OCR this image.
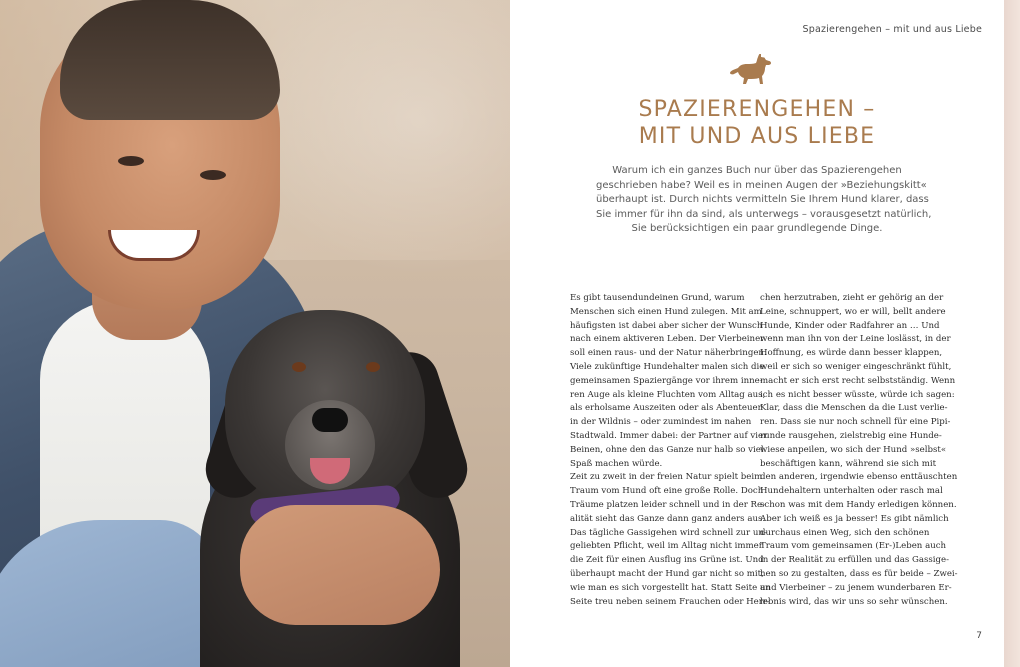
Spazierengehen – mit und aus Liebe
SPAZIERENGEHEN –
MIT UND AUS LIEBE
Warum ich ein ganzes Buch nur über das Spazierengehen
geschrieben habe? Weil es in meinen Augen der »Beziehungskitt«
überhaupt ist. Durch nichts vermitteln Sie Ihrem Hund klarer, dass
Sie immer für ihn da sind, als unterwegs – vorausgesetzt natürlich,
Sie berücksichtigen ein paar grundlegende Dinge.
Es gibt tausendundeinen Grund, warum
Menschen sich einen Hund zulegen. Mit am
häufigsten ist dabei aber sicher der Wunsch
nach einem aktiveren Leben. Der Vierbeiner
soll einen raus- und der Natur näherbringen.
Viele zukünftige Hundehalter malen sich die
gemeinsamen Spaziergänge vor ihrem inne-
ren Auge als kleine Fluchten vom Alltag aus,
als erholsame Auszeiten oder als Abenteuer
in der Wildnis – oder zumindest im nahen
Stadtwald. Immer dabei: der Partner auf vier
Beinen, ohne den das Ganze nur halb so viel
Spaß machen würde.
Zeit zu zweit in der freien Natur spielt beim
Traum vom Hund oft eine große Rolle. Doch
Träume platzen leider schnell und in der Re-
alität sieht das Ganze dann ganz anders aus.
Das tägliche Gassigehen wird schnell zur un-
geliebten Pflicht, weil im Alltag nicht immer
die Zeit für einen Ausflug ins Grüne ist. Und
überhaupt macht der Hund gar nicht so mit,
wie man es sich vorgestellt hat. Statt Seite an
Seite treu neben seinem Frauchen oder Herr-
chen herzutraben, zieht er gehörig an der
Leine, schnuppert, wo er will, bellt andere
Hunde, Kinder oder Radfahrer an … Und
wenn man ihn von der Leine loslässt, in der
Hoffnung, es würde dann besser klappen,
weil er sich so weniger eingeschränkt fühlt,
macht er sich erst recht selbstständig. Wenn
ich es nicht besser wüsste, würde ich sagen:
Klar, dass die Menschen da die Lust verlie-
ren. Dass sie nur noch schnell für eine Pipi-
runde rausgehen, zielstrebig eine Hunde-
wiese anpeilen, wo sich der Hund »selbst«
beschäftigen kann, während sie sich mit
den anderen, irgendwie ebenso enttäuschten
Hundehaltern unterhalten oder rasch mal
schon was mit dem Handy erledigen können.
Aber ich weiß es ja besser! Es gibt nämlich
durchaus einen Weg, sich den schönen
Traum vom gemeinsamen (Er-)Leben auch
in der Realität zu erfüllen und das Gassige-
hen so zu gestalten, dass es für beide – Zwei-
und Vierbeiner – zu jenem wunderbaren Er-
lebnis wird, das wir uns so sehr wünschen.
7
